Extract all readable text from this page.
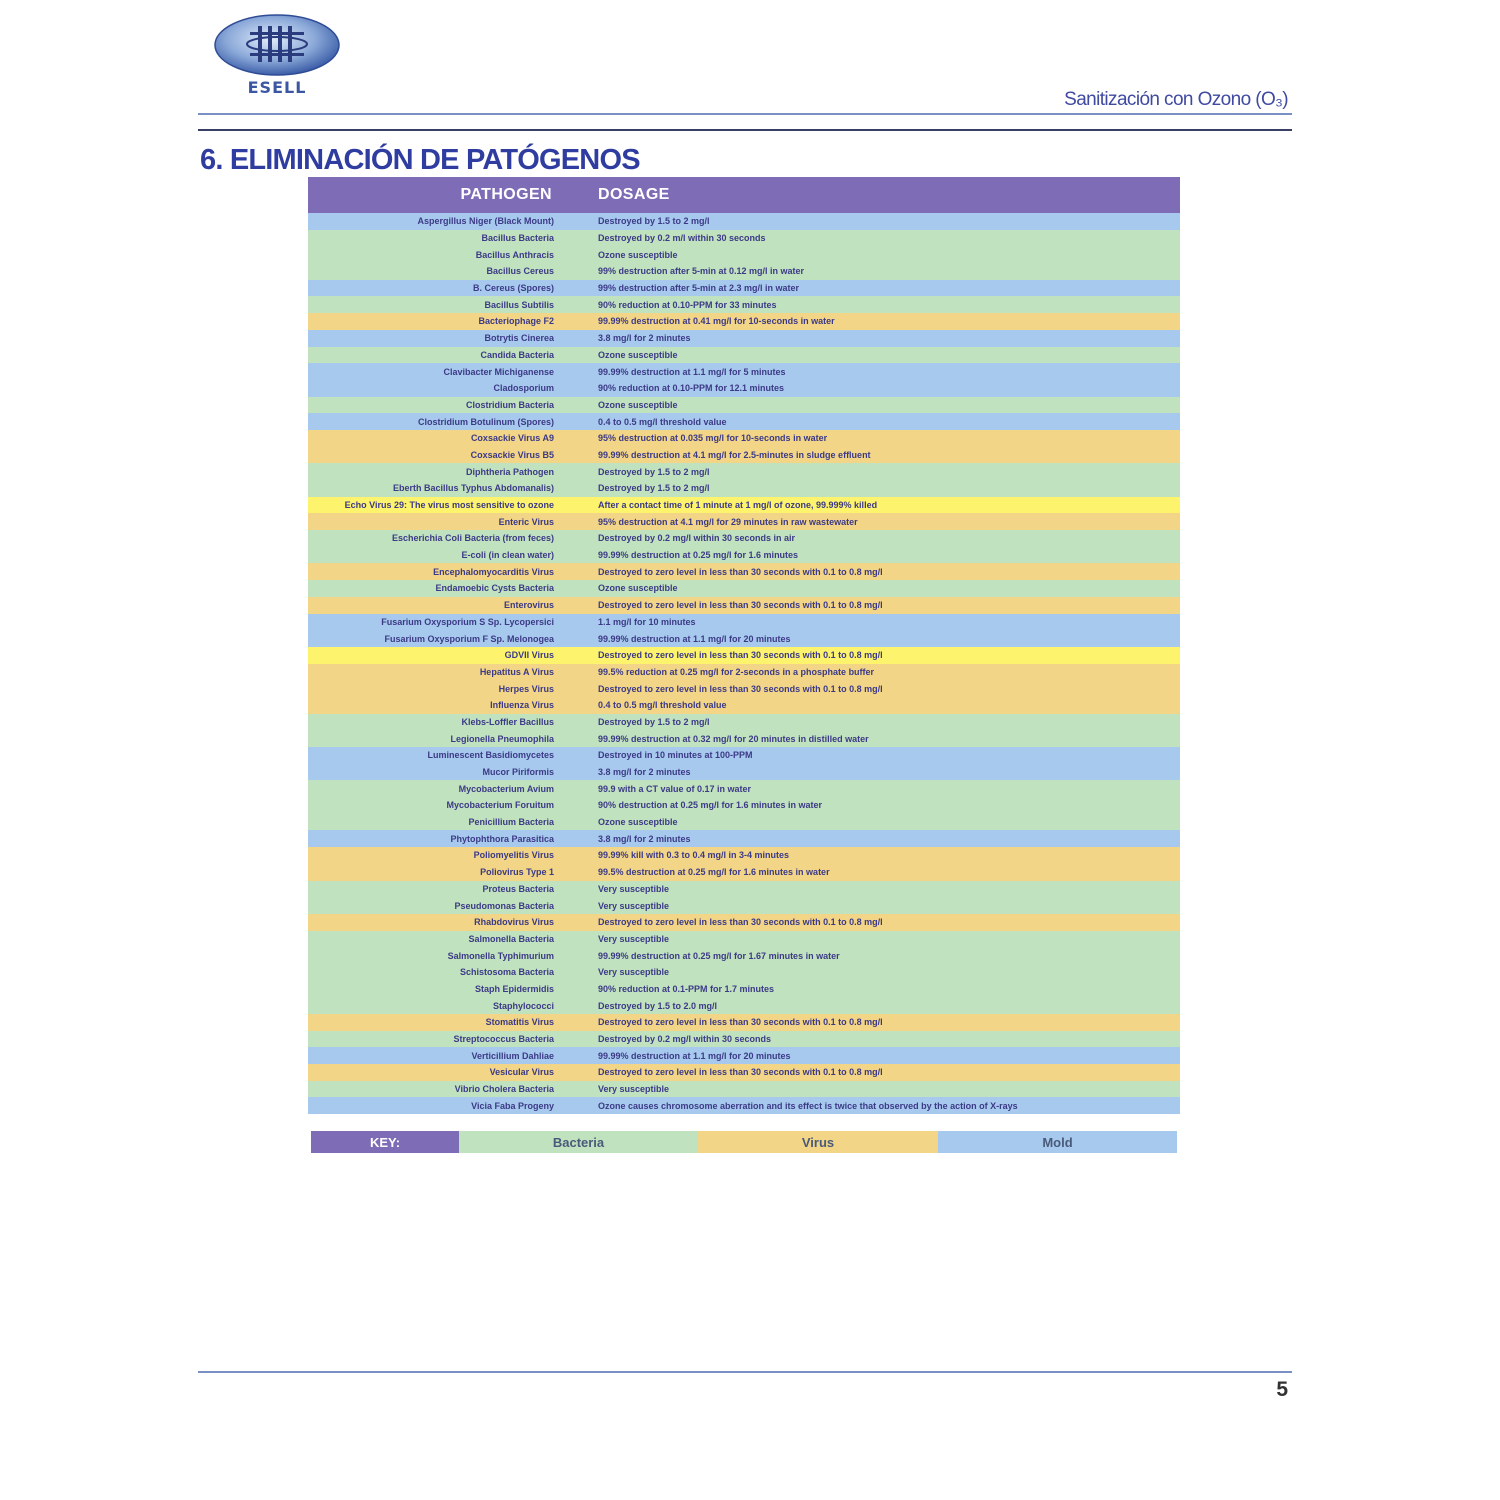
ESELL
Sanitización con Ozono (O₃)
6. ELIMINACIÓN DE PATÓGENOS
PATHOGEN	DOSAGE
Aspergillus Niger (Black Mount)	Destroyed by 1.5 to 2 mg/l
Bacillus Bacteria	Destroyed by 0.2 m/l within 30 seconds
Bacillus Anthracis	Ozone susceptible
Bacillus Cereus	99% destruction after 5-min at 0.12 mg/l in water
B. Cereus (Spores)	99% destruction after 5-min at 2.3 mg/l in water
Bacillus Subtilis	90% reduction at 0.10-PPM for 33 minutes
Bacteriophage F2	99.99% destruction at 0.41 mg/l for 10-seconds in water
Botrytis Cinerea	3.8 mg/l for 2 minutes
Candida Bacteria	Ozone susceptible
Clavibacter Michiganense	99.99% destruction at 1.1 mg/l for 5 minutes
Cladosporium	90% reduction at 0.10-PPM for 12.1 minutes
Clostridium Bacteria	Ozone susceptible
Clostridium Botulinum (Spores)	0.4 to 0.5 mg/l threshold value
Coxsackie Virus A9	95% destruction at 0.035 mg/l for 10-seconds in water
Coxsackie Virus B5	99.99% destruction at 4.1 mg/l for 2.5-minutes in sludge effluent
Diphtheria Pathogen	Destroyed by 1.5 to 2 mg/l
Eberth Bacillus Typhus Abdomanalis)	Destroyed by 1.5 to 2 mg/l
Echo Virus 29: The virus most sensitive to ozone	After a contact time of 1 minute at 1 mg/l of ozone, 99.999% killed
Enteric Virus	95% destruction at 4.1 mg/l for 29 minutes in raw wastewater
Escherichia Coli Bacteria (from feces)	Destroyed by 0.2 mg/l within 30 seconds in air
E-coli (in clean water)	99.99% destruction at 0.25 mg/l for 1.6 minutes
Encephalomyocarditis Virus	Destroyed to zero level in less than 30 seconds with 0.1 to 0.8 mg/l
Endamoebic Cysts Bacteria	Ozone susceptible
Enterovirus	Destroyed to zero level in less than 30 seconds with 0.1 to 0.8 mg/l
Fusarium Oxysporium S Sp. Lycopersici	1.1 mg/l for 10 minutes
Fusarium Oxysporium F Sp. Melonogea	99.99% destruction at 1.1 mg/l for 20 minutes
GDVII Virus	Destroyed to zero level in less than 30 seconds with 0.1 to 0.8 mg/l
Hepatitus A Virus	99.5% reduction at 0.25 mg/l for 2-seconds in a phosphate buffer
Herpes Virus	Destroyed to zero level in less than 30 seconds with 0.1 to 0.8 mg/l
Influenza Virus	0.4 to 0.5 mg/l threshold value
Klebs-Loffler Bacillus	Destroyed by 1.5 to 2 mg/l
Legionella Pneumophila	99.99% destruction at 0.32 mg/l for 20 minutes in distilled water
Luminescent Basidiomycetes	Destroyed in 10 minutes at 100-PPM
Mucor Piriformis	3.8 mg/l for 2 minutes
Mycobacterium Avium	99.9 with a CT value of 0.17 in water
Mycobacterium Foruitum	90% destruction at 0.25 mg/l for 1.6 minutes in water
Penicillium Bacteria	Ozone susceptible
Phytophthora Parasitica	3.8 mg/l for 2 minutes
Poliomyelitis Virus	99.99% kill with 0.3 to 0.4 mg/l in 3-4 minutes
Poliovirus Type 1	99.5% destruction at 0.25 mg/l for 1.6 minutes in water
Proteus Bacteria	Very susceptible
Pseudomonas Bacteria	Very susceptible
Rhabdovirus Virus	Destroyed to zero level in less than 30 seconds with 0.1 to 0.8 mg/l
Salmonella Bacteria	Very susceptible
Salmonella Typhimurium	99.99% destruction at 0.25 mg/l for 1.67 minutes in water
Schistosoma Bacteria	Very susceptible
Staph Epidermidis	90% reduction at 0.1-PPM for 1.7 minutes
Staphylococci	Destroyed by 1.5 to 2.0 mg/l
Stomatitis Virus	Destroyed to zero level in less than 30 seconds with 0.1 to 0.8 mg/l
Streptococcus Bacteria	Destroyed by 0.2 mg/l within 30 seconds
Verticillium Dahliae	99.99% destruction at 1.1 mg/l for 20 minutes
Vesicular Virus	Destroyed to zero level in less than 30 seconds with 0.1 to 0.8 mg/l
Vibrio Cholera Bacteria	Very susceptible
Vicia Faba Progeny	Ozone causes chromosome aberration and its effect is twice that observed by the action of X-rays
KEY:	Bacteria	Virus	Mold
5
